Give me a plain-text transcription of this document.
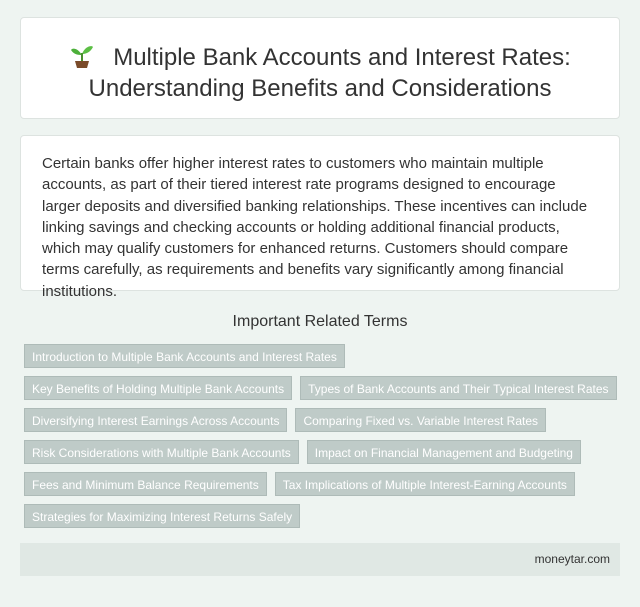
Multiple Bank Accounts and Interest Rates:
Understanding Benefits and Considerations

Certain banks offer higher interest rates to customers who maintain multiple accounts, as part of their tiered interest rate programs designed to encourage larger deposits and diversified banking relationships. These incentives can include linking savings and checking accounts or holding additional financial products, which may qualify customers for enhanced returns. Customers should compare terms carefully, as requirements and benefits vary significantly among financial institutions.

Important Related Terms
Introduction to Multiple Bank Accounts and Interest Rates
Key Benefits of Holding Multiple Bank Accounts Types of Bank Accounts and Their Typical Interest Rates
Diversifying Interest Earnings Across Accounts Comparing Fixed vs. Variable Interest Rates
Risk Considerations with Multiple Bank Accounts Impact on Financial Management and Budgeting
Fees and Minimum Balance Requirements Tax Implications of Multiple Interest-Earning Accounts
Strategies for Maximizing Interest Returns Safely
moneytar.com
